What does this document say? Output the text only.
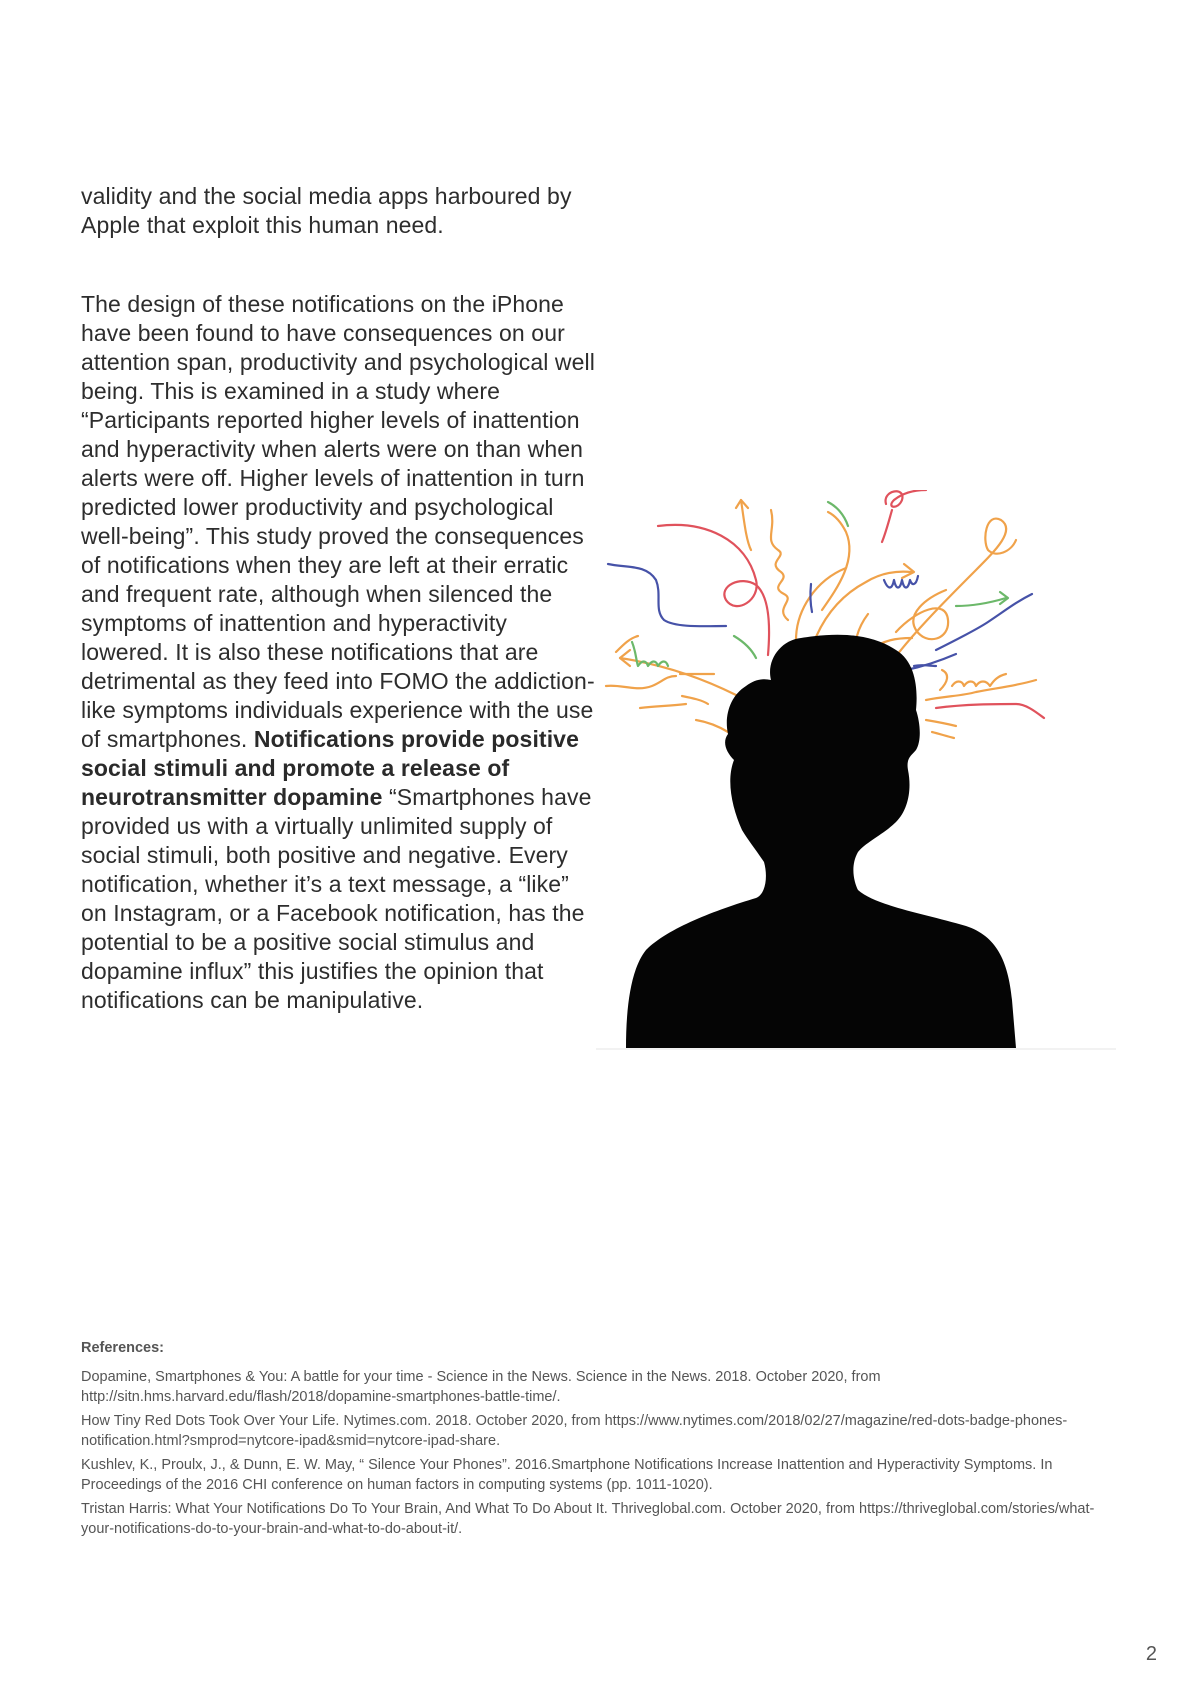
validity and the social media apps harboured by Apple that exploit this human need.

The design of these notifications on the iPhone have been found to have consequences on our attention span, productivity and psychological well being. This is examined in a study where “Participants reported higher levels of inattention and hyperactivity when alerts were on than when alerts were off. Higher levels of inattention in turn predicted lower productivity and psychological well-being”. This study proved the consequences of notifications when they are left at their erratic and frequent rate, although when silenced the symptoms of inattention and hyperactivity lowered. It is also these notifications that are detrimental as they feed into FOMO the addiction-like symptoms individuals experience with the use of smartphones. Notifications provide positive social stimuli and promote a release of neurotransmitter dopamine “Smartphones have provided us with a virtually unlimited supply of social stimuli, both positive and negative. Every notification, whether it’s a text message, a “like” on Instagram, or a Facebook notification, has the potential to be a positive social stimulus and dopamine influx” this justifies the opinion that notifications can be manipulative.

References:

Dopamine, Smartphones & You: A battle for your time - Science in the News. Science in the News. 2018. October 2020, from http://sitn.hms.harvard.edu/flash/2018/dopamine-smartphones-battle-time/.

How Tiny Red Dots Took Over Your Life. Nytimes.com. 2018. October 2020, from https://www.nytimes.com/2018/02/27/magazine/red-dots-badge-phones-notification.html?smprod=nytcore-ipad&smid=nytcore-ipad-share.

Kushlev, K., Proulx, J., & Dunn, E. W. May, “ Silence Your Phones”. 2016.Smartphone Notifications Increase Inattention and Hyperactivity Symptoms. In Proceedings of the 2016 CHI conference on human factors in computing systems (pp. 1011-1020).

Tristan Harris: What Your Notifications Do To Your Brain, And What To Do About It. Thriveglobal.com. October 2020, from https://thriveglobal.com/stories/what-your-notifications-do-to-your-brain-and-what-to-do-about-it/.

2
